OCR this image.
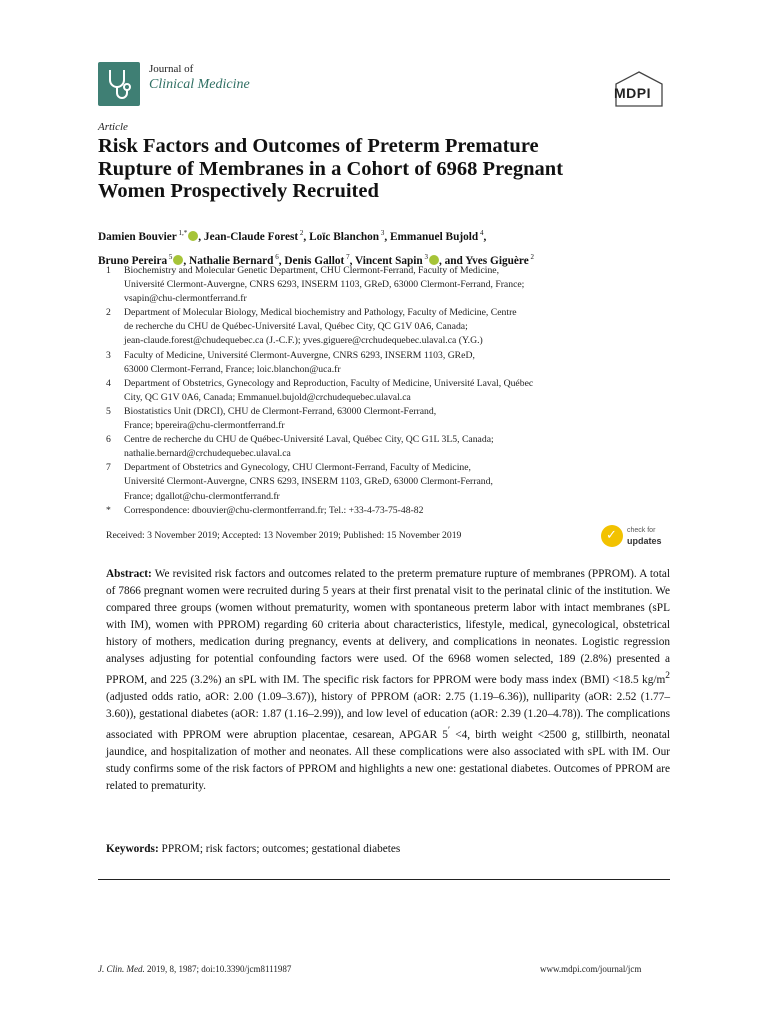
Journal of
Clinical Medicine
MDPI
Article
Risk Factors and Outcomes of Preterm Premature
Rupture of Membranes in a Cohort of 6968 Pregnant
Women Prospectively Recruited
Damien Bouvier $^{1,*}$ , Jean-Claude Forest $^2$, Loïc Blanchon $^3$, Emmanuel Bujold $^4$,
Bruno Pereira $^5$ , Nathalie Bernard $^6$, Denis Gallot $^7$, Vincent Sapin $^3$ , and Yves Giguère $^2$
1 Biochemistry and Molecular Genetic Department, CHU Clermont-Ferrand, Faculty of Medicine,
Université Clermont-Auvergne, CNRS 6293, INSERM 1103, GReD, 63000 Clermont-Ferrand, France;
vsapin@chu-clermontferrand.fr
2 Department of Molecular Biology, Medical biochemistry and Pathology, Faculty of Medicine, Centre
de recherche du CHU de Québec-Université Laval, Québec City, QC G1V 0A6, Canada;
jean-claude.forest@chudequebec.ca (J.-C.F.); yves.giguere@crchudequebec.ulaval.ca (Y.G.)
3 Faculty of Medicine, Université Clermont-Auvergne, CNRS 6293, INSERM 1103, GReD,
63000 Clermont-Ferrand, France; loic.blanchon@uca.fr
4 Department of Obstetrics, Gynecology and Reproduction, Faculty of Medicine, Université Laval, Québec
City, QC G1V 0A6, Canada; Emmanuel.bujold@crchudequebec.ulaval.ca
5 Biostatistics Unit (DRCI), CHU de Clermont-Ferrand, 63000 Clermont-Ferrand,
France; bpereira@chu-clermontferrand.fr
6 Centre de recherche du CHU de Québec-Université Laval, Québec City, QC G1L 3L5, Canada;
nathalie.bernard@crchudequebec.ulaval.ca
7 Department of Obstetrics and Gynecology, CHU Clermont-Ferrand, Faculty of Medicine,
Université Clermont-Auvergne, CNRS 6293, INSERM 1103, GReD, 63000 Clermont-Ferrand,
France; dgallot@chu-clermontferrand.fr
* Correspondence: dbouvier@chu-clermontferrand.fr; Tel.: +33-4-73-75-48-82
Received: 3 November 2019; Accepted: 13 November 2019; Published: 15 November 2019	✓ check for
updates
Abstract: We revisited risk factors and outcomes related to the preterm premature rupture of membranes (PPROM). A total of 7866 pregnant women were recruited during 5 years at their first prenatal visit to the perinatal clinic of the institution. We compared three groups (women without prematurity, women with spontaneous preterm labor with intact membranes (sPL with IM), women with PPROM) regarding 60 criteria about characteristics, lifestyle, medical, gynecological, obstetrical history of mothers, medication during pregnancy, events at delivery, and complications in neonates. Logistic regression analyses adjusting for potential confounding factors were used. Of the 6968 women selected, 189 (2.8%) presented a PPROM, and 225 (3.2%) an sPL with IM. The specific risk factors for PPROM were body mass index (BMI) <18.5 $kg/m^2$ (adjusted odds ratio, aOR: 2.00 (1.09–3.67)), history of PPROM (aOR: 2.75 (1.19–6.36)), nulliparity (aOR: 2.52 (1.77–3.60)), gestational diabetes (aOR: 1.87 (1.16–2.99)), and low level of education (aOR: 2.39 (1.20–4.78)). The complications associated with PPROM were abruption placentae, cesarean, APGAR 5′ <4, birth weight <2500 g, stillbirth, neonatal jaundice, and hospitalization of mother and neonates. All these complications were also associated with sPL with IM. Our study confirms some of the risk factors of PPROM and highlights a new one: gestational diabetes. Outcomes of PPROM are related to prematurity.
Keywords: PPROM; risk factors; outcomes; gestational diabetes
J. Clin. Med. 2019, 8, 1987; doi:10.3390/jcm8111987	www.mdpi.com/journal/jcm
